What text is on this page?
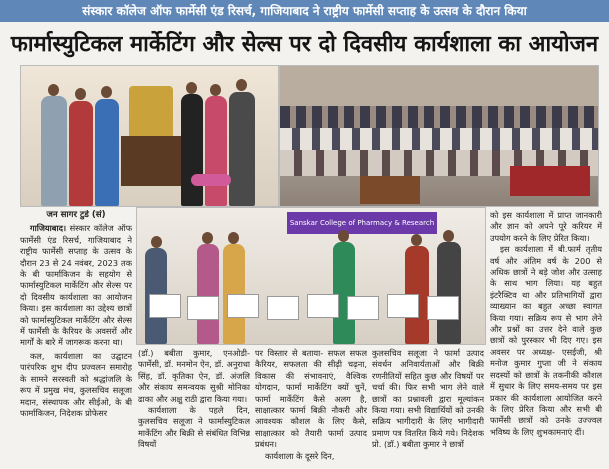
संस्कार कॉलेज ऑफ फार्मेसी एंड रिसर्च, गाजियाबाद ने राष्ट्रीय फार्मेसी सप्ताह के उत्सव के दौरान किया
फार्मास्युटिकल मार्केटिंग और सेल्स पर दो दिवसीय कार्यशाला का आयोजन
Sanskar College of Pharmacy & Research
जन सागर टुडे (सं)
गाजियाबाद। संस्कार कॉलेज ऑफ फार्मेसी एंड रिसर्च, गाजियाबाद ने राष्ट्रीय फार्मेसी सप्ताह के उत्सव के दौरान 23 से 24 नवंबर, 2023 तक के बी फार्माकिजन के सहयोग से फार्मास्युटिकल मार्केटिंग और सेल्स पर दो दिवसीय कार्यशाला का आयोजन किया। इस कार्यशाला का उद्देश्य छात्रों को फार्मास्युटिकल मार्केटिंग और सेल्स में फार्मेसी के कैरियर के अवसरों और मार्गों के बारे में जागरूक करना था।
कल, कार्यशाला का उद्घाटन पारंपरिक शुभ दीप प्रज्वलन समारोह के सामने सरस्वती को श्रद्धांजलि के रूप में प्रमुख मंच, कुलसचिव सलूजा मदान, संस्थापक और सीईओ, के बी फार्माकिजन, निदेशक प्रोफेसर
(डॉ.) बबीता कुमार, एनओडी- फार्मेसी, डॉ. मनमोन ऐन, डॉ. अनुराधा सिंह, डॉ. कृतिका ऐन, डॉ. अंजलि और संकाय समन्वयक सुश्री मोनिका ढाका और अक्षु राठी द्वारा किया गया।
कार्यशाला के पहले दिन, कुलसचिव सलूजा ने फार्मास्युटिकल मार्केटिंग और बिक्री से संबंधित विभिन्न विषयों
पर विस्तार से बताया- सफल सफल कैरियर, सफलता की सीढ़ी चढ़ना, विकास की संभावनाएं, वैश्विक योगदान, फार्मा मार्केटिंग क्यों चुनें, फार्मा मार्केटिंग कैसे अलग है, साक्षात्कार फार्मा बिक्री नौकरी और आवश्यक कौशल के लिए कैसे, साक्षात्कार को तैयारी फार्मा उत्पाद प्रबंधन।
कार्यशाला के दूसरे दिन,
कुलसचिव सलूजा ने फार्मा उत्पाद संवर्धन अनिवार्यताओं और बिक्री रणनीतियों सहित कुछ और विषयों पर चर्चा की। फिर सभी भाग लेने वाले छात्रों का प्रश्नावली द्वारा मूल्यांकन किया गया। सभी विद्यार्थियों को उनकी सक्रिय भागीदारी के लिए भागीदारी प्रमाण पत्र वितरित किये गये। निदेशक प्रो. (डॉ.) बबीता कुमार ने छात्रों
को इस कार्यशाला में प्राप्त जानकारी और ज्ञान को अपने पूरे करियर में उपयोग करने के लिए प्रेरित किया।
इस कार्यशाला में बी.फार्म तृतीय वर्ष और अंतिम वर्ष के 200 से अधिक छात्रों ने बड़े जोश और उत्साह के साथ भाग लिया। यह बहुत इंटरैक्टिव था और प्रतिभागियों द्वारा व्याख्यान का बहुत अच्छा स्वागत किया गया। सक्रिय रूप से भाग लेने और प्रश्नों का उत्तर देने वाले कुछ छात्रों को पुरस्कार भी दिए गए। इस अवसर पर अध्यक्ष- एसईजी, श्री मनोज कुमार गुप्ता जी ने संकाय सदस्यों को छात्रों के तकनीकी कौशल में सुधार के लिए समय-समय पर इस प्रकार की कार्यशाला आयोजित करने के लिए प्रेरित किया और सभी बी फार्मेसी छात्रों को उनके उज्ज्वल भविष्य के लिए शुभकामनाएं दीं।
